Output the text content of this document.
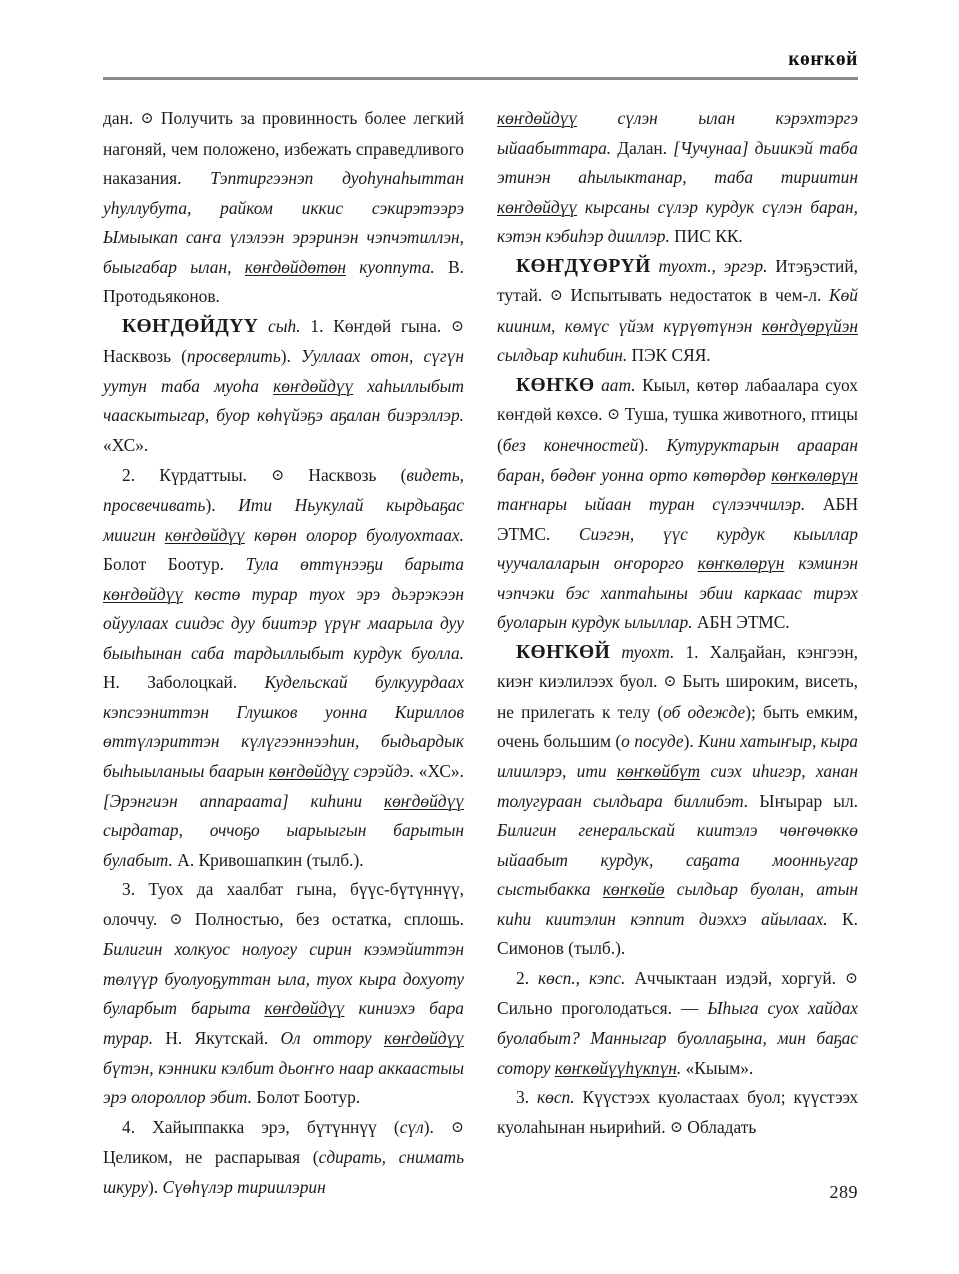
көҥкөй

дан. ⊙ Получить за провинность более легкий нагоняй, чем положено, избежать справедливого наказания. Тэптиргээнэп дуоһунаһыттан уһуллубута, райком иккис сэкирэтээрэ Ымыыкап саҥа үлэлээн эрэринэн чэпчэтиллэн, быыгабар ылан, көҥдөйдөтөн куоппута. В. Протодьяконов.

КӨҤДӨЙДҮҮ сыһ. 1. Көҥдөй гына. ⊙ Насквозь (просверлить). Ууллаах отон, сүгүн уутун таба муоһа көҥдөйдүү хаһыллыбыт чааскытыгар, буор көһүйэҕэ аҕалан биэрэллэр. «ХС».

2. Күрдаттыы. ⊙ Насквозь (видеть, просвечивать). Ити Ньукулай кырдьаҕас миигин көҥдөйдүү көрөн олорор буолуохтаах. Болот Боотур. Тула өттүнээҕи барыта көҥдөйдүү көстө турар туох эрэ дьэрэкээн ойуулаах сиидэс дуу биитэр үрүҥ маарыла дуу быыһынан саба тардыллыбыт курдук буолла. Н. Заболоцкай. Кудельскай булкуурдаах кэпсээниттэн Глушков уонна Кириллов өттүлэриттэн күлүгээннээһин, быдьардык быһыыланыы баарын көҥдөйдүү сэрэйдэ. «ХС». [Эрэнгиэн аппараата] киһини көҥдөйдүү сырдатар, оччоҕо ыарыыгын барытын булабыт. А. Кривошапкин (тылб.).

3. Туох да хаалбат гына, бүүс-бүтүннүү, олоччу. ⊙ Полностью, без остатка, сплошь. Билигин холкуос нолуогу сирин кээмэйиттэн төлүүр буолуоҕуттан ыла, туох кыра дохуоту буларбыт барыта көҥдөйдүү киниэхэ бара турар. Н. Якутскай. Ол оттору көҥдөйдүү бүтэн, кэнники кэлбит дьоҥҥо наар аккаастыы эрэ олороллор эбит. Болот Боотур.

4. Хайыппакка эрэ, бүтүннүү (сүл). ⊙ Целиком, не распарывая (сдирать, снимать шкуру). Сүөһүлэр тириилэрин

көҥдөйдүү сүлэн ылан кэрэхтэргэ ыйаабыттара. Далан. [Чучунаа] дьиикэй таба этинэн аһылыктанар, таба тириитин көҥдөйдүү кырсаны сүлэр курдук сүлэн баран, кэтэн кэбиһэр дииллэр. ПИС КК.

КӨҤДҮӨРҮЙ туохт., эргэр. Итэҕэстий, тутай. ⊙ Испытывать недостаток в чем-л. Көй кииним, көмүс үйэм күрүөтүнэн көҥдүөрүйэн сылдьар киһибин. ПЭК СЯЯ.

КӨҤКӨ аат. Кыыл, көтөр лабаалара суох көҥдөй көхсө. ⊙ Туша, тушка животного, птицы (без конечностей). Кутуруктарын арааран баран, бөдөҥ уонна орто көтөрдөр көҥкөлөрүн таҥнары ыйаан туран сүлээччилэр. АБН ЭТМС. Сиэгэн, үүс курдук кыыллар чуучалаларын оҥорорго көҥкөлөрүн кэминэн чэпчэки бэс хаптаһыны эбии каркаас тирэх буоларын курдук ылыллар. АБН ЭТМС.

КӨҤКӨЙ туохт. 1. Халҕайан, кэнгээн, киэҥ киэлилээх буол. ⊙ Быть широким, висеть, не прилегать к телу (об одежде); быть емким, очень большим (о посуде). Кини хатыҥыр, кыра илиилэрэ, ити көҥкөйбүт сиэх иһигэр, ханан толугураан сылдьара биллибэт. Ыҥырар ыл. Билигин генеральскай киитэлэ чөҥөчөккө ыйаабыт курдук, саҕата моонньугар сыстыбакка көҥкөйө сылдьар буолан, атын киһи киитэлин кэппит диэххэ айылаах. К. Симонов (тылб.).

2. көсп., кэпс. Аччыктаан иэдэй, хоргуй. ⊙ Сильно проголодаться. — Ыһыга суох хайдах буолабыт? Манныгар буоллаҕына, мин баҕас сотору көҥкөйүүһүкпүн. «Кыым».

3. көсп. Күүстээх куоластаах буол; күүстээх куолаһынан ньириһий. ⊙ Обладать

289
